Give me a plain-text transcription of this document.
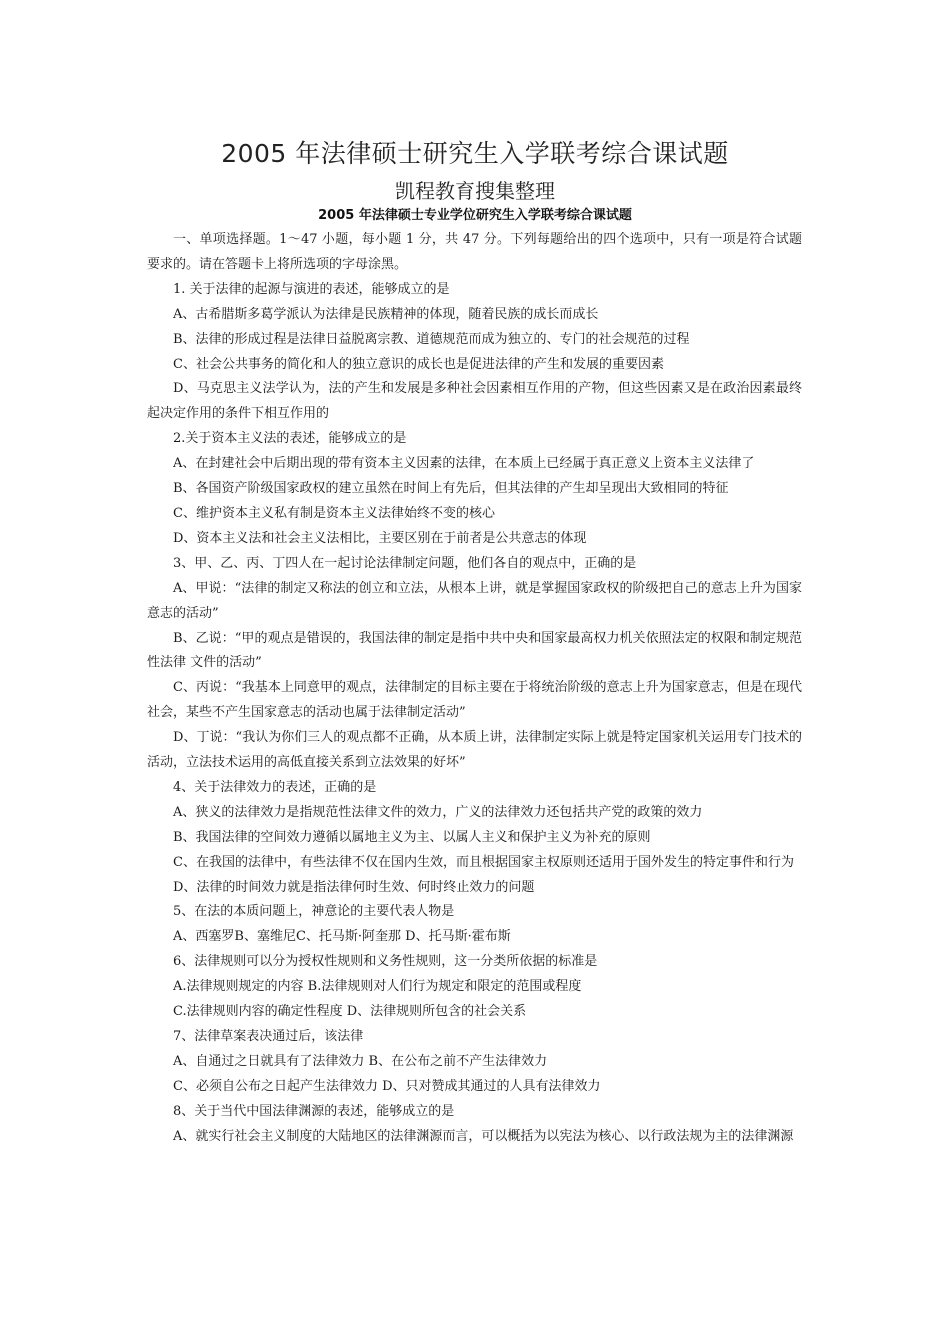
2005 年法律硕士研究生入学联考综合课试题
凯程教育搜集整理
2005 年法律硕士专业学位研究生入学联考综合课试题

一、单项选择题。1～47 小题，每小题 1 分，共 47 分。下列每题给出的四个选项中，只有一项是符合试题要求的。请在答题卡上将所选项的字母涂黑。

1. 关于法律的起源与演进的表述，能够成立的是

A、古希腊斯多葛学派认为法律是民族精神的体现，随着民族的成长而成长

B、法律的形成过程是法律日益脱离宗教、道德规范而成为独立的、专门的社会规范的过程

C、社会公共事务的简化和人的独立意识的成长也是促进法律的产生和发展的重要因素

D、马克思主义法学认为，法的产生和发展是多种社会因素相互作用的产物，但这些因素又是在政治因素最终起决定作用的条件下相互作用的

2.关于资本主义法的表述，能够成立的是

A、在封建社会中后期出现的带有资本主义因素的法律，在本质上已经属于真正意义上资本主义法律了

B、各国资产阶级国家政权的建立虽然在时间上有先后，但其法律的产生却呈现出大致相同的特征

C、维护资本主义私有制是资本主义法律始终不变的核心

D、资本主义法和社会主义法相比，主要区别在于前者是公共意志的体现

3、甲、乙、丙、丁四人在一起讨论法律制定问题，他们各自的观点中，正确的是

A、甲说：“法律的制定又称法的创立和立法，从根本上讲，就是掌握国家政权的阶级把自己的意志上升为国家意志的活动”

B、乙说：“甲的观点是错误的，我国法律的制定是指中共中央和国家最高权力机关依照法定的权限和制定规范性法律 文件的活动”

C、丙说：“我基本上同意甲的观点，法律制定的目标主要在于将统治阶级的意志上升为国家意志，但是在现代社会，某些不产生国家意志的活动也属于法律制定活动”

D、丁说：“我认为你们三人的观点都不正确，从本质上讲，法律制定实际上就是特定国家机关运用专门技术的活动，立法技术运用的高低直接关系到立法效果的好坏”

4、关于法律效力的表述，正确的是

A、狭义的法律效力是指规范性法律文件的效力，广义的法律效力还包括共产党的政策的效力

B、我国法律的空间效力遵循以属地主义为主、以属人主义和保护主义为补充的原则

C、在我国的法律中，有些法律不仅在国内生效，而且根据国家主权原则还适用于国外发生的特定事件和行为

D、法律的时间效力就是指法律何时生效、何时终止效力的问题

5、在法的本质问题上，神意论的主要代表人物是

A、西塞罗B、塞维尼C、托马斯·阿奎那 D、托马斯·霍布斯

6、法律规则可以分为授权性规则和义务性规则，这一分类所依据的标准是

A.法律规则规定的内容 B.法律规则对人们行为规定和限定的范围或程度

C.法律规则内容的确定性程度 D、法律规则所包含的社会关系

7、法律草案表决通过后，该法律

A、自通过之日就具有了法律效力 B、在公布之前不产生法律效力

C、必须自公布之日起产生法律效力 D、只对赞成其通过的人具有法律效力

8、关于当代中国法律渊源的表述，能够成立的是

A、就实行社会主义制度的大陆地区的法律渊源而言，可以概括为以宪法为核心、以行政法规为主的法律渊源
